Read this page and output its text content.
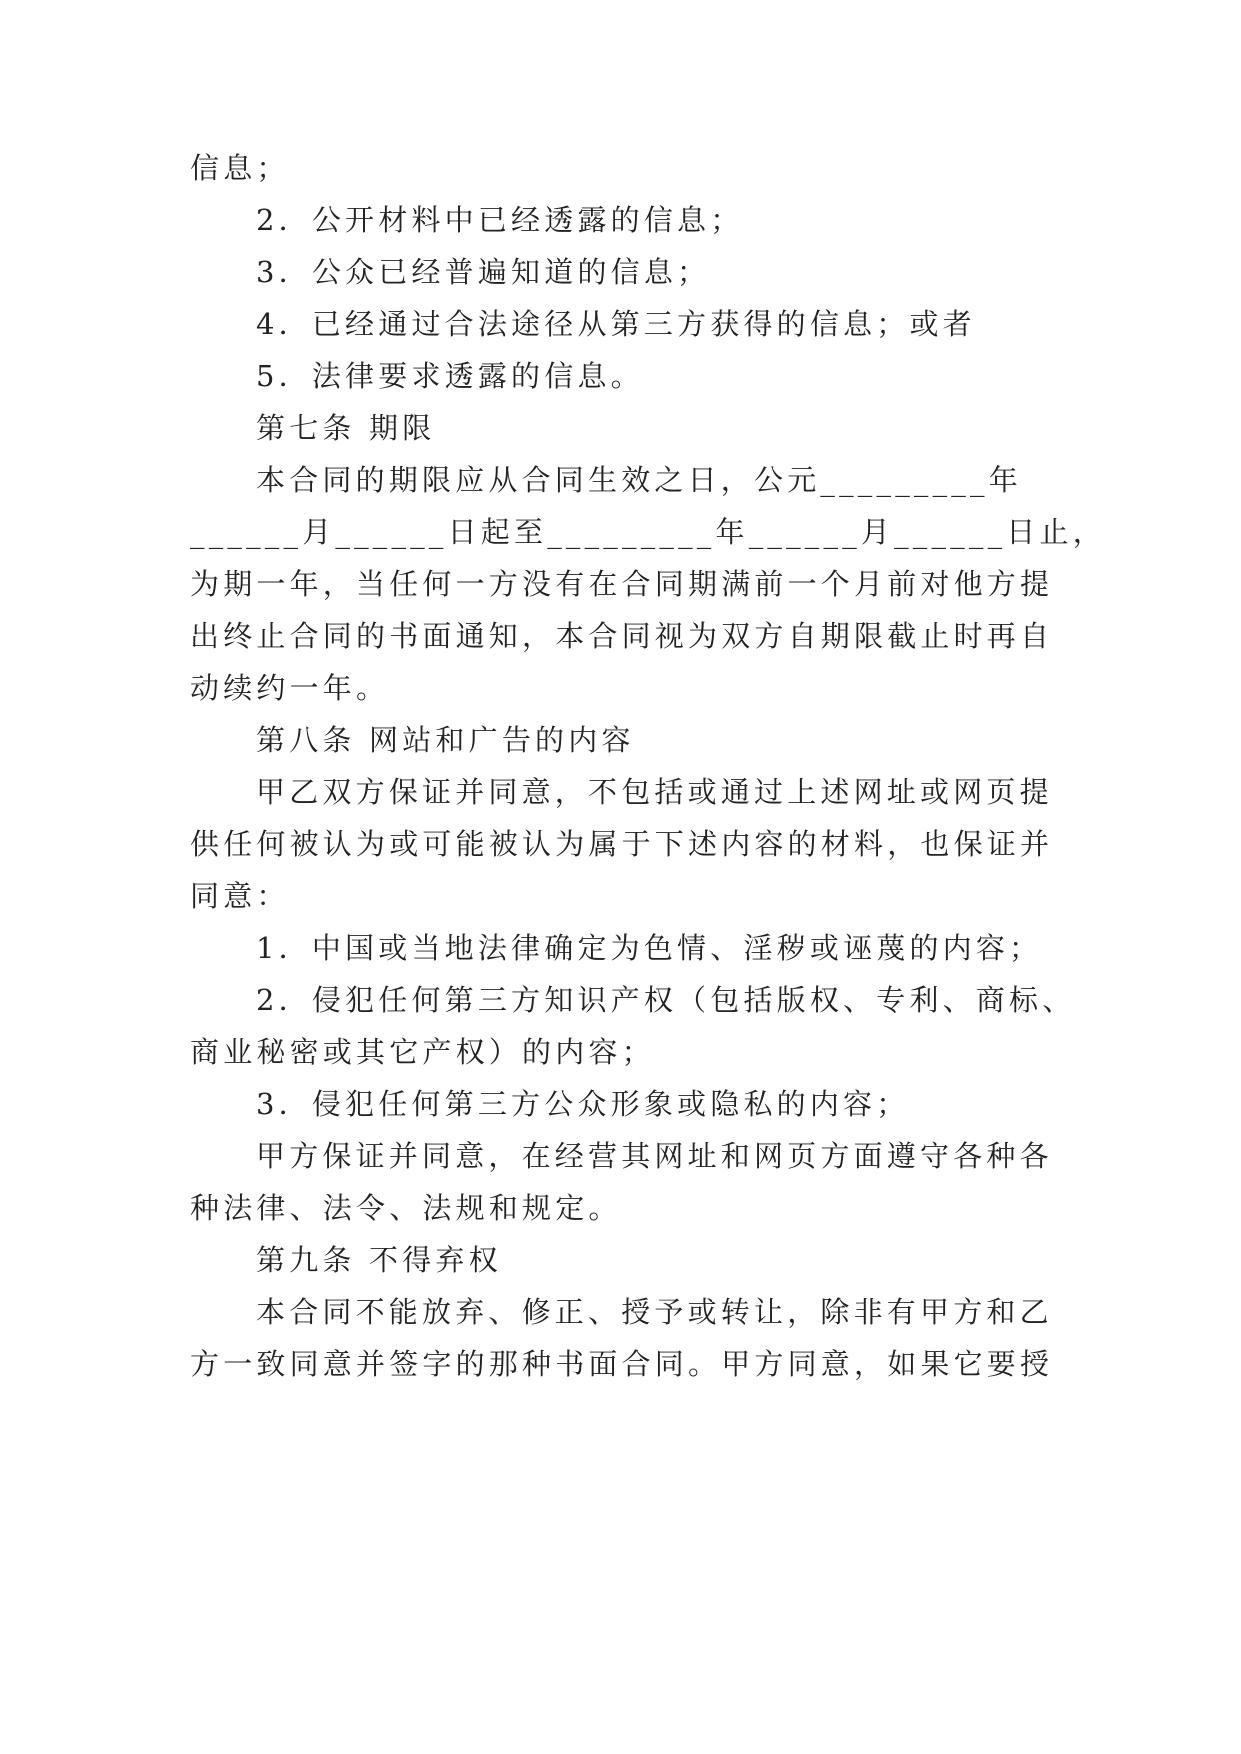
信息；
2．公开材料中已经透露的信息；
3．公众已经普遍知道的信息；
4．已经通过合法途径从第三方获得的信息；或者
5．法律要求透露的信息。
第七条 期限
本合同的期限应从合同生效之日，公元_________年
______月______日起至_________年______月______日止，
为期一年，当任何一方没有在合同期满前一个月前对他方提
出终止合同的书面通知，本合同视为双方自期限截止时再自
动续约一年。
第八条 网站和广告的内容
甲乙双方保证并同意，不包括或通过上述网址或网页提
供任何被认为或可能被认为属于下述内容的材料，也保证并
同意：
1．中国或当地法律确定为色情、淫秽或诬蔑的内容；
2．侵犯任何第三方知识产权（包括版权、专利、商标、
商业秘密或其它产权）的内容；
3．侵犯任何第三方公众形象或隐私的内容；
甲方保证并同意，在经营其网址和网页方面遵守各种各
种法律、法令、法规和规定。
第九条 不得弃权
本合同不能放弃、修正、授予或转让，除非有甲方和乙
方一致同意并签字的那种书面合同。甲方同意，如果它要授
